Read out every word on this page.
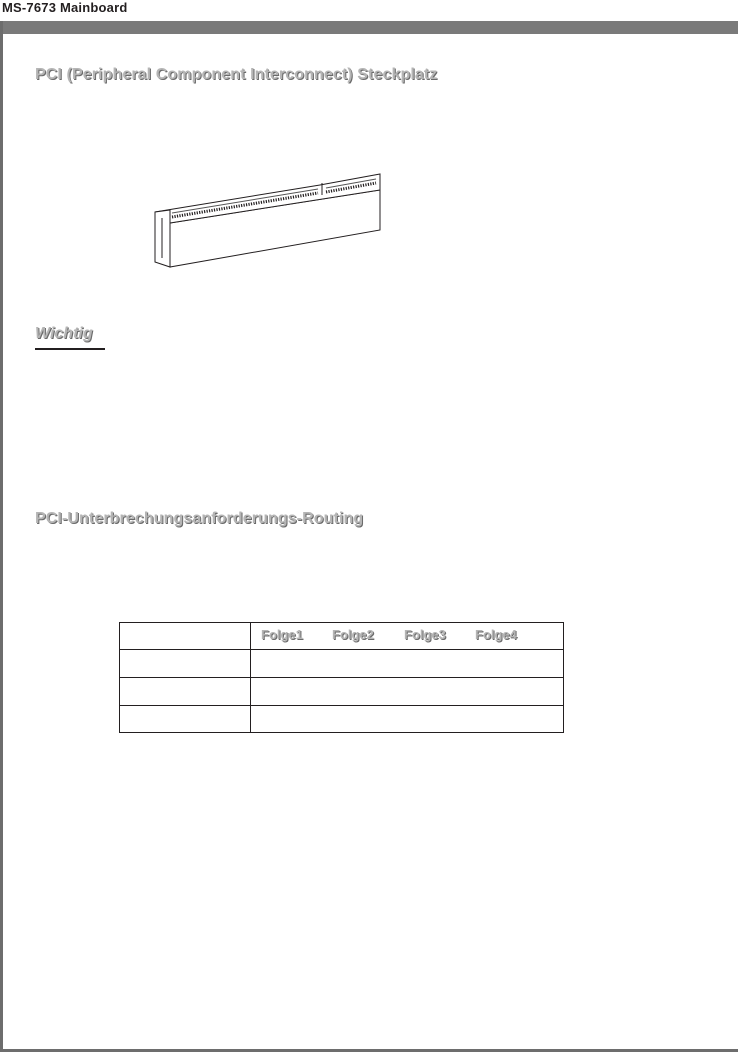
MS-7673 Mainboard
PCI (Peripheral Component Interconnect) Steckplatz
Wichtig
PCI-Unterbrechungsanforderungs-Routing
Folge1 Folge2 Folge3 Folge4
